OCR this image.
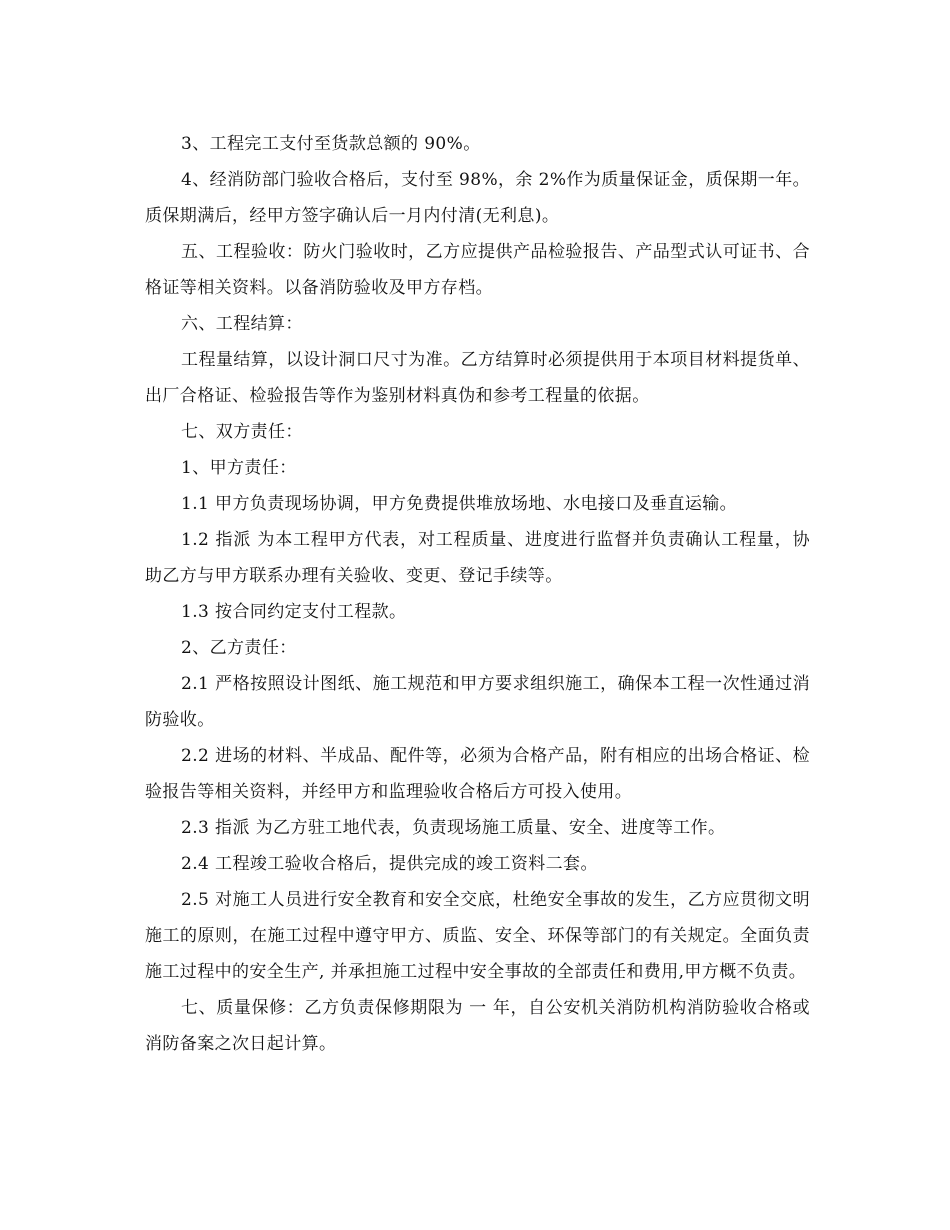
3、工程完工支付至货款总额的 90%。

4、经消防部门验收合格后，支付至 98%，余 2%作为质量保证金，质保期一年。质保期满后，经甲方签字确认后一月内付清(无利息)。

五、工程验收：防火门验收时，乙方应提供产品检验报告、产品型式认可证书、合格证等相关资料。以备消防验收及甲方存档。

六、工程结算：

工程量结算，以设计洞口尺寸为准。乙方结算时必须提供用于本项目材料提货单、出厂合格证、检验报告等作为鉴别材料真伪和参考工程量的依据。

七、双方责任：

1、甲方责任：

1.1 甲方负责现场协调，甲方免费提供堆放场地、水电接口及垂直运输。

1.2 指派 为本工程甲方代表，对工程质量、进度进行监督并负责确认工程量，协助乙方与甲方联系办理有关验收、变更、登记手续等。

1.3 按合同约定支付工程款。

2、乙方责任：

2.1 严格按照设计图纸、施工规范和甲方要求组织施工，确保本工程一次性通过消防验收。

2.2 进场的材料、半成品、配件等，必须为合格产品，附有相应的出场合格证、检验报告等相关资料，并经甲方和监理验收合格后方可投入使用。

2.3 指派 为乙方驻工地代表，负责现场施工质量、安全、进度等工作。

2.4 工程竣工验收合格后，提供完成的竣工资料二套。

2.5 对施工人员进行安全教育和安全交底，杜绝安全事故的发生，乙方应贯彻文明施工的原则，在施工过程中遵守甲方、质监、安全、环保等部门的有关规定。全面负责施工过程中的安全生产, 并承担施工过程中安全事故的全部责任和费用,甲方概不负责。

七、质量保修：乙方负责保修期限为 一 年，自公安机关消防机构消防验收合格或消防备案之次日起计算。
